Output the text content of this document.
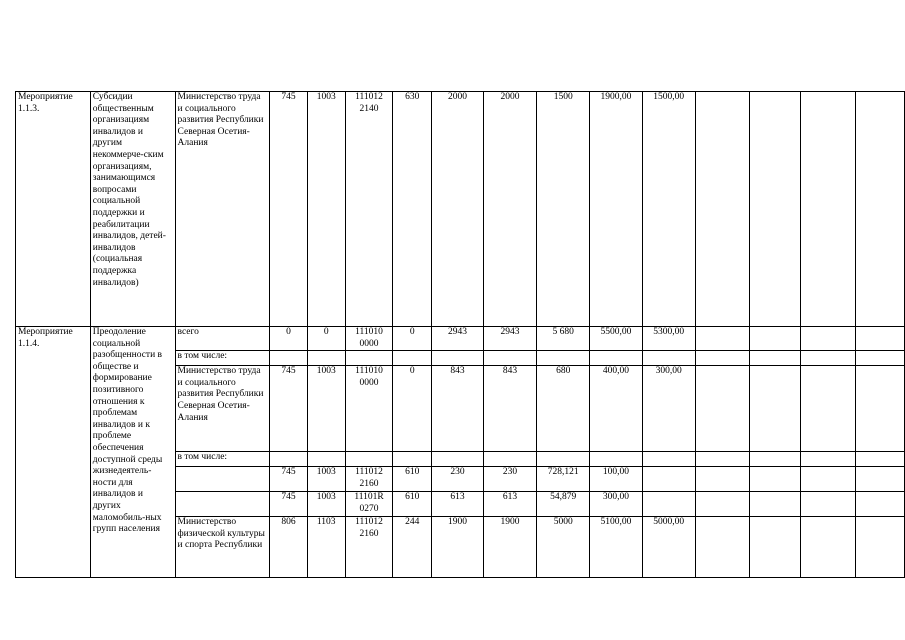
Мероприятие 1.1.3.	Субсидии общественным организациям инвалидов и другим некоммерче-ским организациям, занимающимся вопросами социальной поддержки и реабилитации инвалидов, детей-инвалидов (социальная поддержка инвалидов)	Министерство труда и социального развития Республики Северная Осетия-Алания	745	1003	111012 2140	630	2000	2000	1500	1900,00	1500,00				
Мероприятие 1.1.4.	Преодоление социальной разобщенности в обществе и формирование позитивного отношения к проблемам инвалидов и к проблеме обеспечения доступной среды жизнедеятель-ности для инвалидов и других маломобиль-ных групп населения	всего	0	0	111010 0000	0	2943	2943	5 680	5500,00	5300,00				
		в том числе:													
		Министерство труда и социального развития Республики Северная Осетия-Алания	745	1003	111010 0000	0	843	843	680	400,00	300,00				
		в том числе:													
			745	1003	111012 2160	610	230	230	728,121	100,00					
			745	1003	11101R 0270	610	613	613	54,879	300,00					
		Министерство физической культуры и спорта Республики	806	1103	111012 2160	244	1900	1900	5000	5100,00	5000,00				
